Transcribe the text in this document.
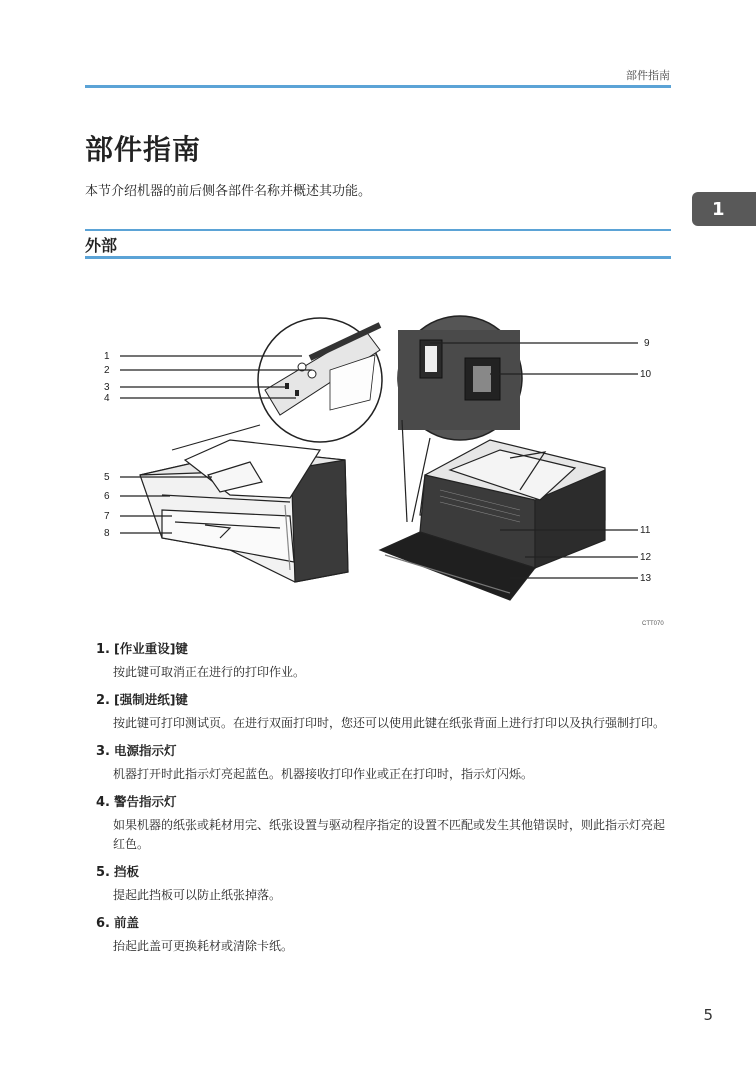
部件指南
部件指南
本节介绍机器的前后侧各部件名称并概述其功能。
1
外部
1
2
3
4
5
6
7
8
9
10
11
12
13
CTT070

1. [作业重设]键

按此键可取消正在进行的打印作业。

2. [强制进纸]键

按此键可打印测试页。在进行双面打印时，您还可以使用此键在纸张背面上进行打印以及执行强制打印。

3. 电源指示灯

机器打开时此指示灯亮起蓝色。机器接收打印作业或正在打印时，指示灯闪烁。

4. 警告指示灯

如果机器的纸张或耗材用完、纸张设置与驱动程序指定的设置不匹配或发生其他错误时，则此指示灯亮起红色。

5. 挡板

提起此挡板可以防止纸张掉落。

6. 前盖

抬起此盖可更换耗材或清除卡纸。

5
